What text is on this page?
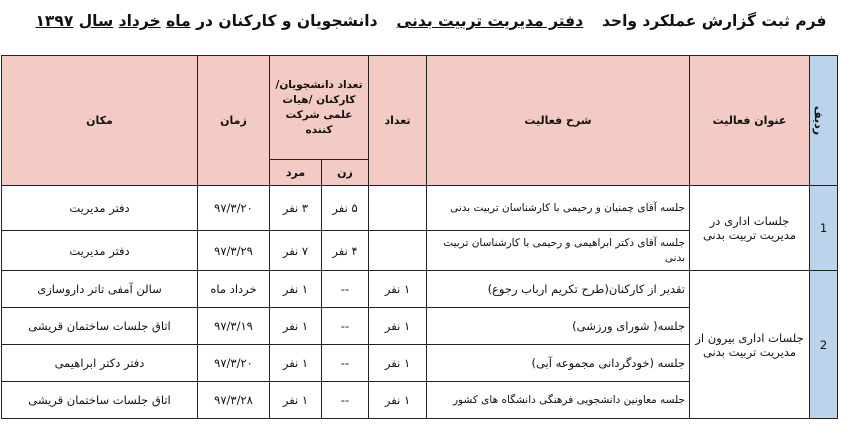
فرم ثبت گزارش عملکرد واحد  دفتر مدیریت تربیت بدنی  دانشجویان و کارکنان در ماه خرداد سال ۱۳۹۷
ردیف	عنوان فعالیت	شرح فعالیت	تعداد	تعداد دانشجویان/ کارکنان /هیات علمی شرکت کننده		زمان	مکان
				زن	مرد		
1	جلسات اداری در مدیریت تربیت بدنی	جلسه آقای چمنیان و رحیمی با کارشناسان تربیت بدنی		۵ نفر	۳ نفر	۹۷/۳/۲۰	دفتر مدیریت
		جلسه آقای دکتر ابراهیمی و رحیمی با کارشناسان تربیت بدنی		۴ نفر	۷ نفر	۹۷/۳/۲۹	دفتر مدیریت
2	جلسات اداری بیرون از مدیریت تربیت بدنی	تقدیر از کارکنان(طرح تکریم ارباب رجوع)	۱ نفر	--	۱ نفر	خرداد ماه	سالن آمفی تاتر داروسازی
		جلسه( شورای ورزشی)	۱ نفر	--	۱ نفر	۹۷/۳/۱۹	اتاق جلسات ساختمان قریشی
		جلسه (خودگردانی مجموعه آبی)	۱ نفر	--	۱ نفر	۹۷/۳/۲۰	دفتر دکتر ابراهیمی
		جلسه معاونین دانشجویی فرهنگی دانشگاه های کشور	۱ نفر	--	۱ نفر	۹۷/۳/۲۸	اتاق جلسات ساختمان قریشی
